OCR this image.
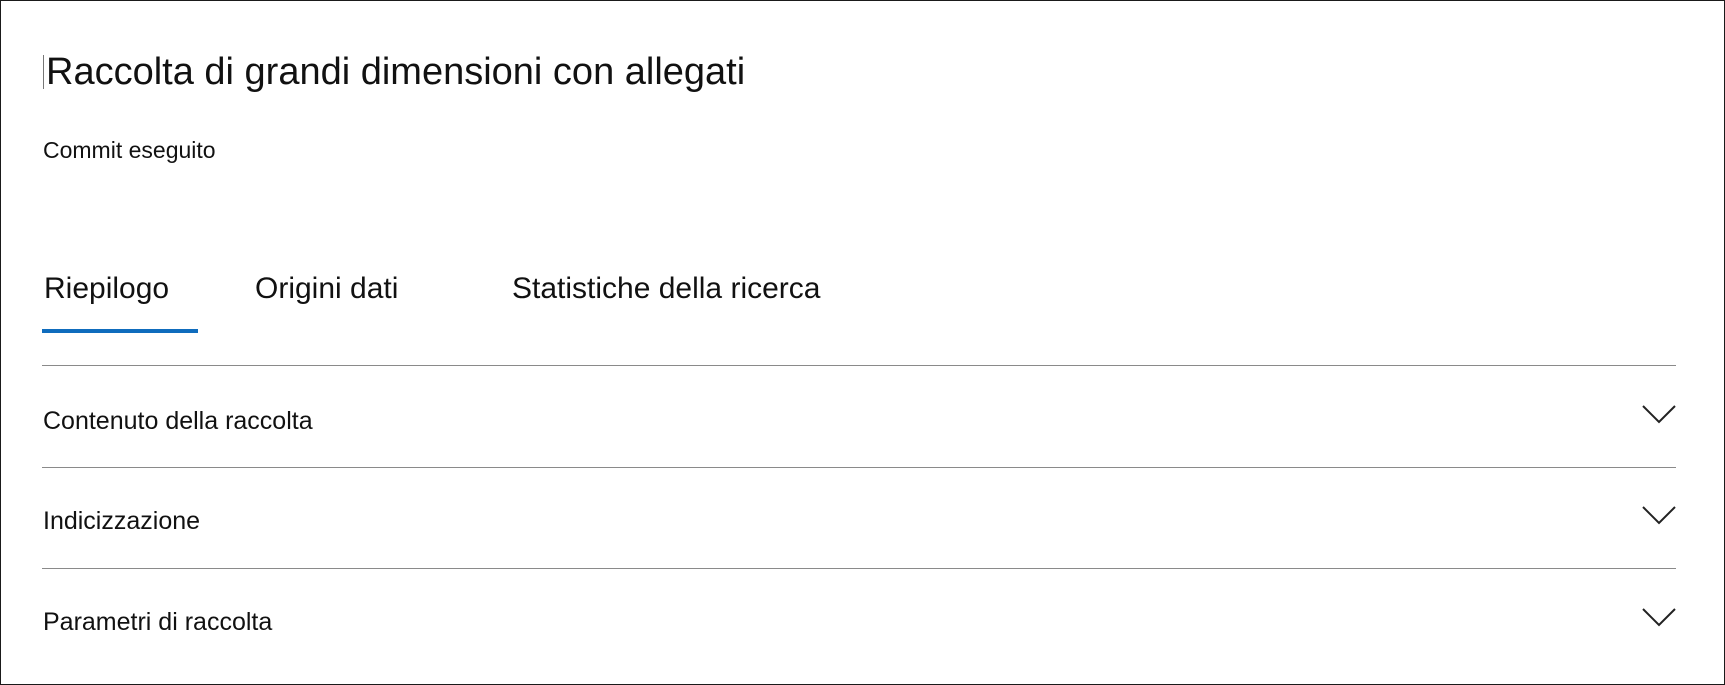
Raccolta di grandi dimensioni con allegati
Commit eseguito
Riepilogo	Origini dati	Statistiche della ricerca
Contenuto della raccolta
Indicizzazione
Parametri di raccolta
